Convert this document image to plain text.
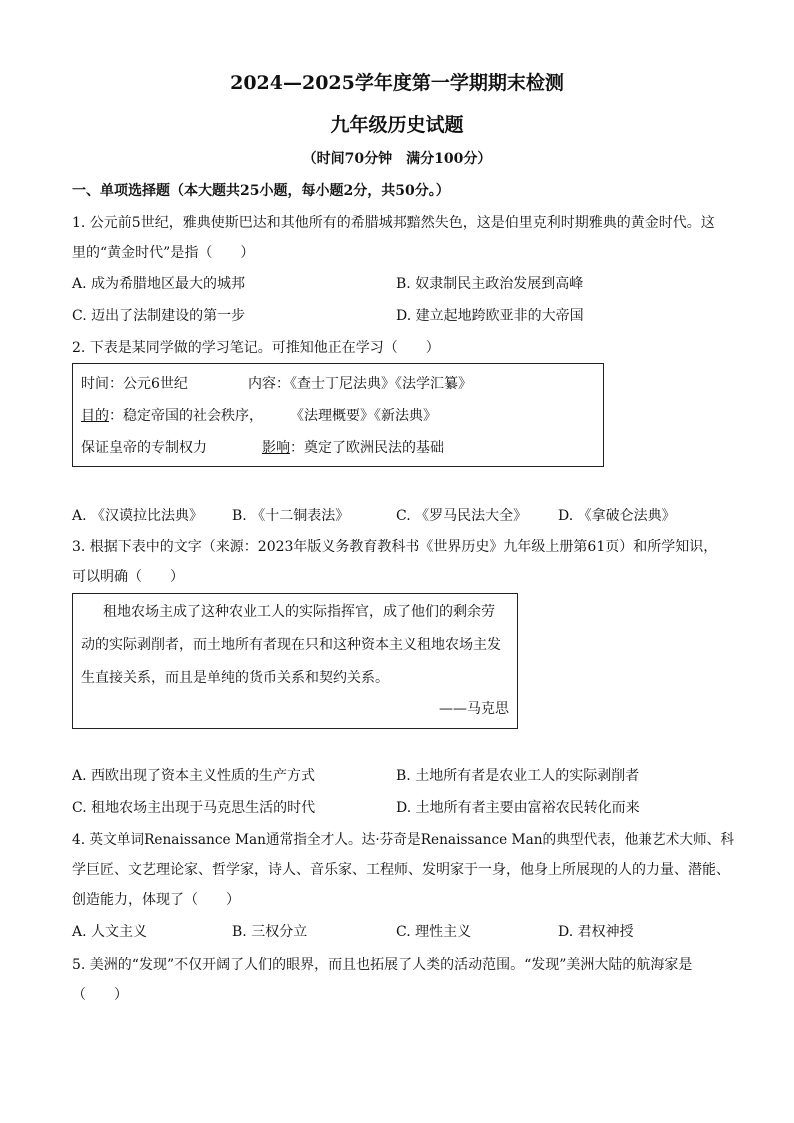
2024—2025学年度第一学期期末检测
九年级历史试题
（时间70分钟　满分100分）
一、单项选择题（本大题共25小题，每小题2分，共50分。）
1. 公元前5世纪，雅典使斯巴达和其他所有的希腊城邦黯然失色，这是伯里克利时期雅典的黄金时代。这
里的“黄金时代”是指（　　）
A. 成为希腊地区最大的城邦	B. 奴隶制民主政治发展到高峰
C. 迈出了法制建设的第一步	D. 建立起地跨欧亚非的大帝国
2. 下表是某同学做的学习笔记。可推知他正在学习（　　）
时间：公元6世纪	内容：《查士丁尼法典》《法学汇纂》
目的：稳定帝国的社会秩序， 《法理概要》《新法典》
保证皇帝的专制权力	影响：奠定了欧洲民法的基础
A. 《汉谟拉比法典》 B. 《十二铜表法》	C. 《罗马民法大全》 D. 《拿破仑法典》
3. 根据下表中的文字（来源：2023年版义务教育教科书《世界历史》九年级上册第61页）和所学知识，
可以明确（　　）
租地农场主成了这种农业工人的实际指挥官，成了他们的剩余劳
动的实际剥削者，而土地所有者现在只和这种资本主义租地农场主发
生直接关系，而且是单纯的货币关系和契约关系。
——马克思
A. 西欧出现了资本主义性质的生产方式	B. 土地所有者是农业工人的实际剥削者
C. 租地农场主出现于马克思生活的时代	D. 土地所有者主要由富裕农民转化而来
4. 英文单词Renaissance Man通常指全才人。达·芬奇是Renaissance Man的典型代表，他兼艺术大师、科
学巨匠、文艺理论家、哲学家，诗人、音乐家、工程师、发明家于一身，他身上所展现的人的力量、潜能、
创造能力，体现了（　　）
A. 人文主义	B. 三权分立	C. 理性主义	D. 君权神授
5. 美洲的“发现”不仅开阔了人们的眼界，而且也拓展了人类的活动范围。“发现”美洲大陆的航海家是
（　　）
